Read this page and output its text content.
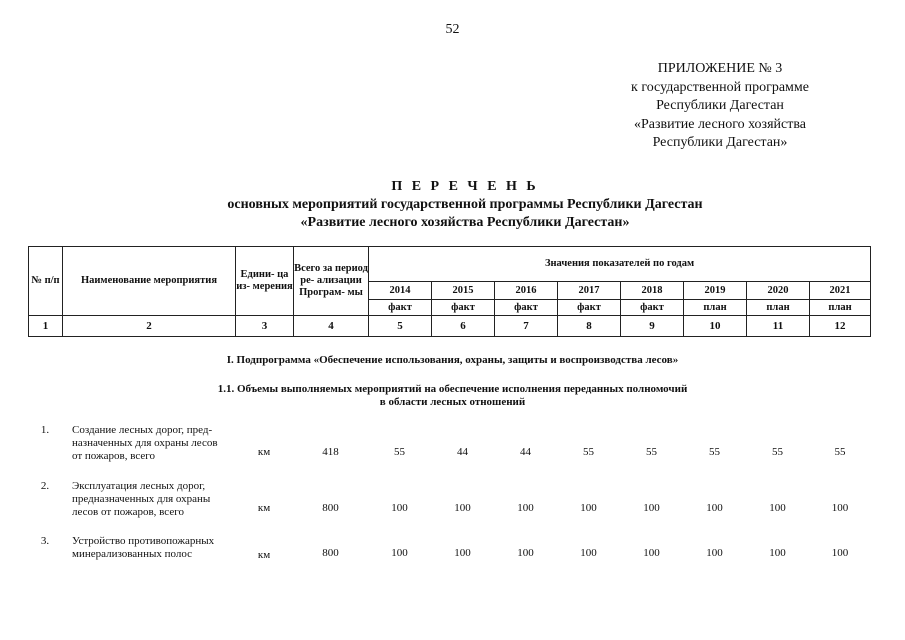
52
ПРИЛОЖЕНИЕ № 3
к государственной программе
Республики Дагестан
«Развитие лесного хозяйства
Республики Дагестан»
П Е Р Е Ч Е Н Ь
основных мероприятий государственной программы Республики Дагестан
«Развитие лесного хозяйства Республики Дагестан»
№ п/п	Наименование мероприятия	Едини- ца из- мерения	Всего за период ре- ализации Програм- мы	Значения показателей по годам							
				2014	2015	2016	2017	2018	2019	2020	2021
				факт	факт	факт	факт	факт	план	план	план
1	2	3	4	5	6	7	8	9	10	11	12
I. Подпрограмма «Обеспечение использования, охраны, защиты и воспроизводства лесов»
1.1. Объемы выполняемых мероприятий на обеспечение исполнения переданных полномочий
в области лесных отношений
1.	Создание лесных дорог, пред-
назначенных для охраны лесов
от пожаров, всего	км	418	55	44	44	55	55	55	55	55
2.	Эксплуатация лесных дорог,
предназначенных для охраны
лесов от пожаров, всего	км	800	100	100	100	100	100	100	100	100
3.	Устройство противопожарных
минерализованных полос	км	800	100	100	100	100	100	100	100	100
